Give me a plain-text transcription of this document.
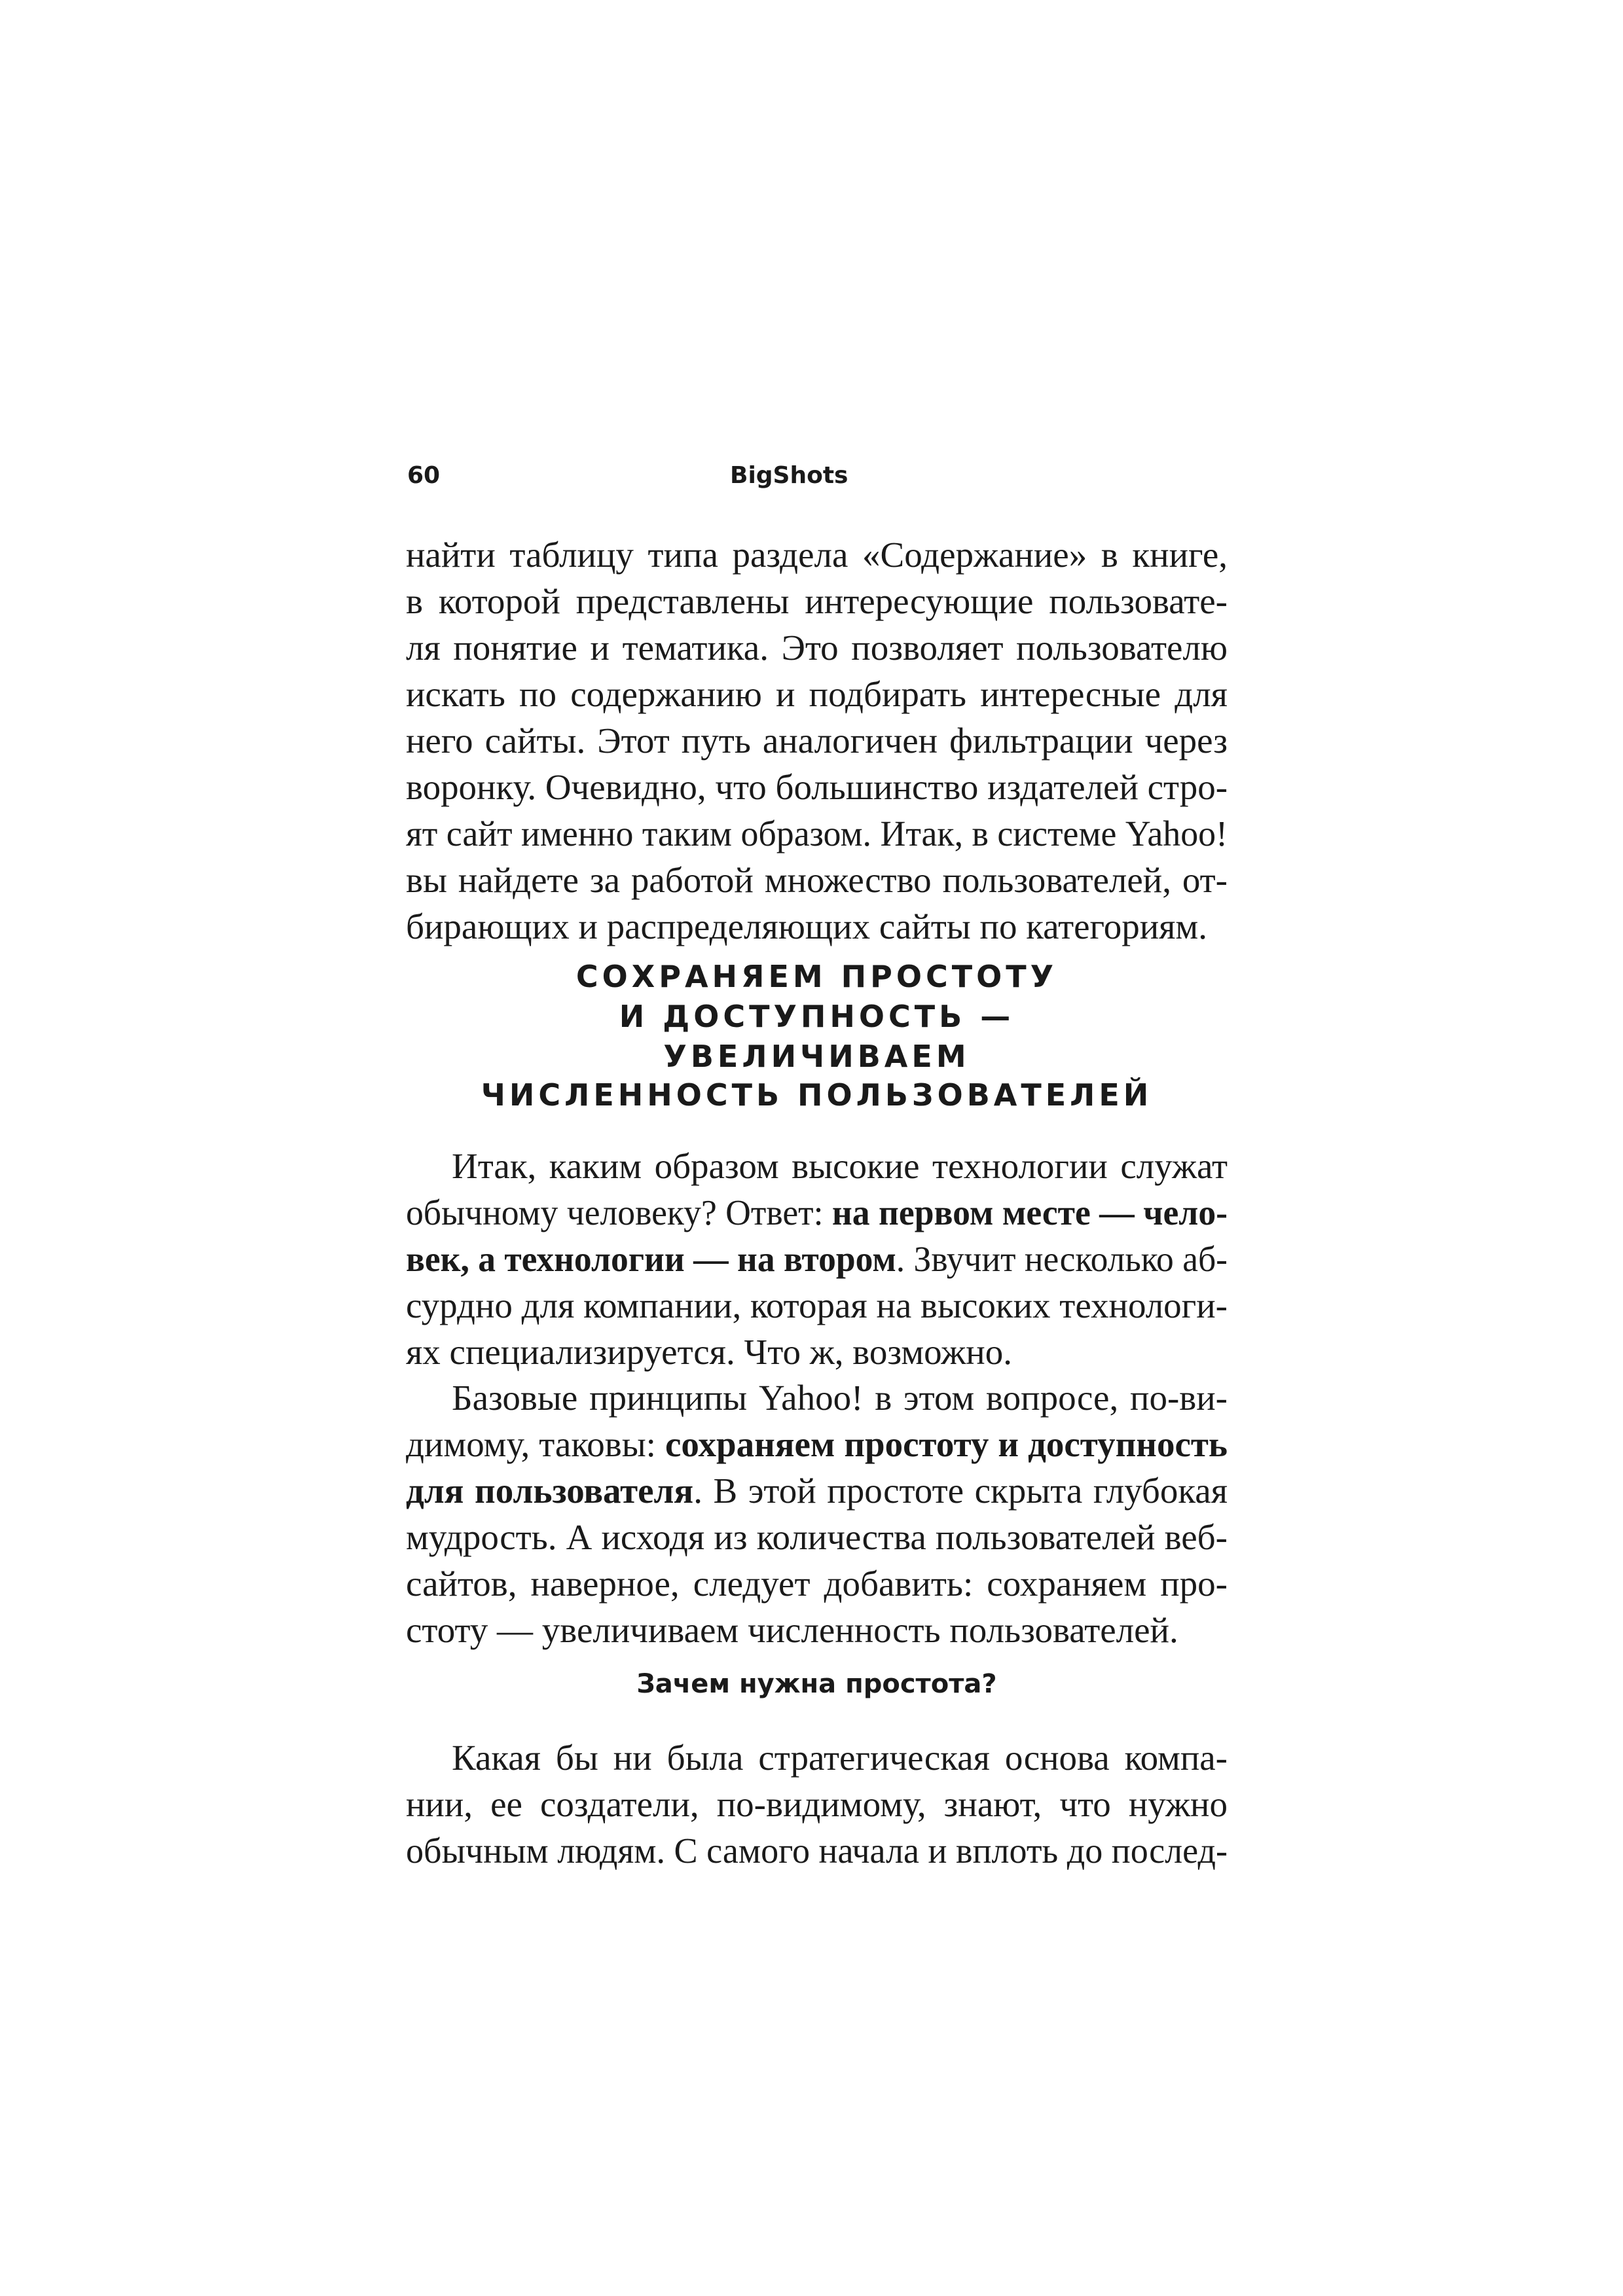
60	BigShots
найти таблицу типа раздела «Содержание» в книге,
в которой представлены интересующие пользовате-
ля понятие и тематика. Это позволяет пользователю
искать по содержанию и подбирать интересные для
него сайты. Этот путь аналогичен фильтрации через
воронку. Очевидно, что большинство издателей стро-
ят сайт именно таким образом. Итак, в системе Yahoo!
вы найдете за работой множество пользователей, от-
бирающих и распределяющих сайты по категориям.
СОХРАНЯЕМ ПРОСТОТУ
И ДОСТУПНОСТЬ —
УВЕЛИЧИВАЕМ
ЧИСЛЕННОСТЬ ПОЛЬЗОВАТЕЛЕЙ
Итак, каким образом высокие технологии служат
обычному человеку? Ответ: на первом месте — чело-
век, а технологии — на втором. Звучит несколько аб-
сурдно для компании, которая на высоких технологи-
ях специализируется. Что ж, возможно.
Базовые принципы Yahoo! в этом вопросе, по-ви-
димому, таковы: сохраняем простоту и доступность
для пользователя. В этой простоте скрыта глубокая
мудрость. А исходя из количества пользователей веб-
сайтов, наверное, следует добавить: сохраняем про-
стоту — увеличиваем численность пользователей.
Зачем нужна простота?
Какая бы ни была стратегическая основа компа-
нии, ее создатели, по-видимому, знают, что нужно
обычным людям. С самого начала и вплоть до послед-
